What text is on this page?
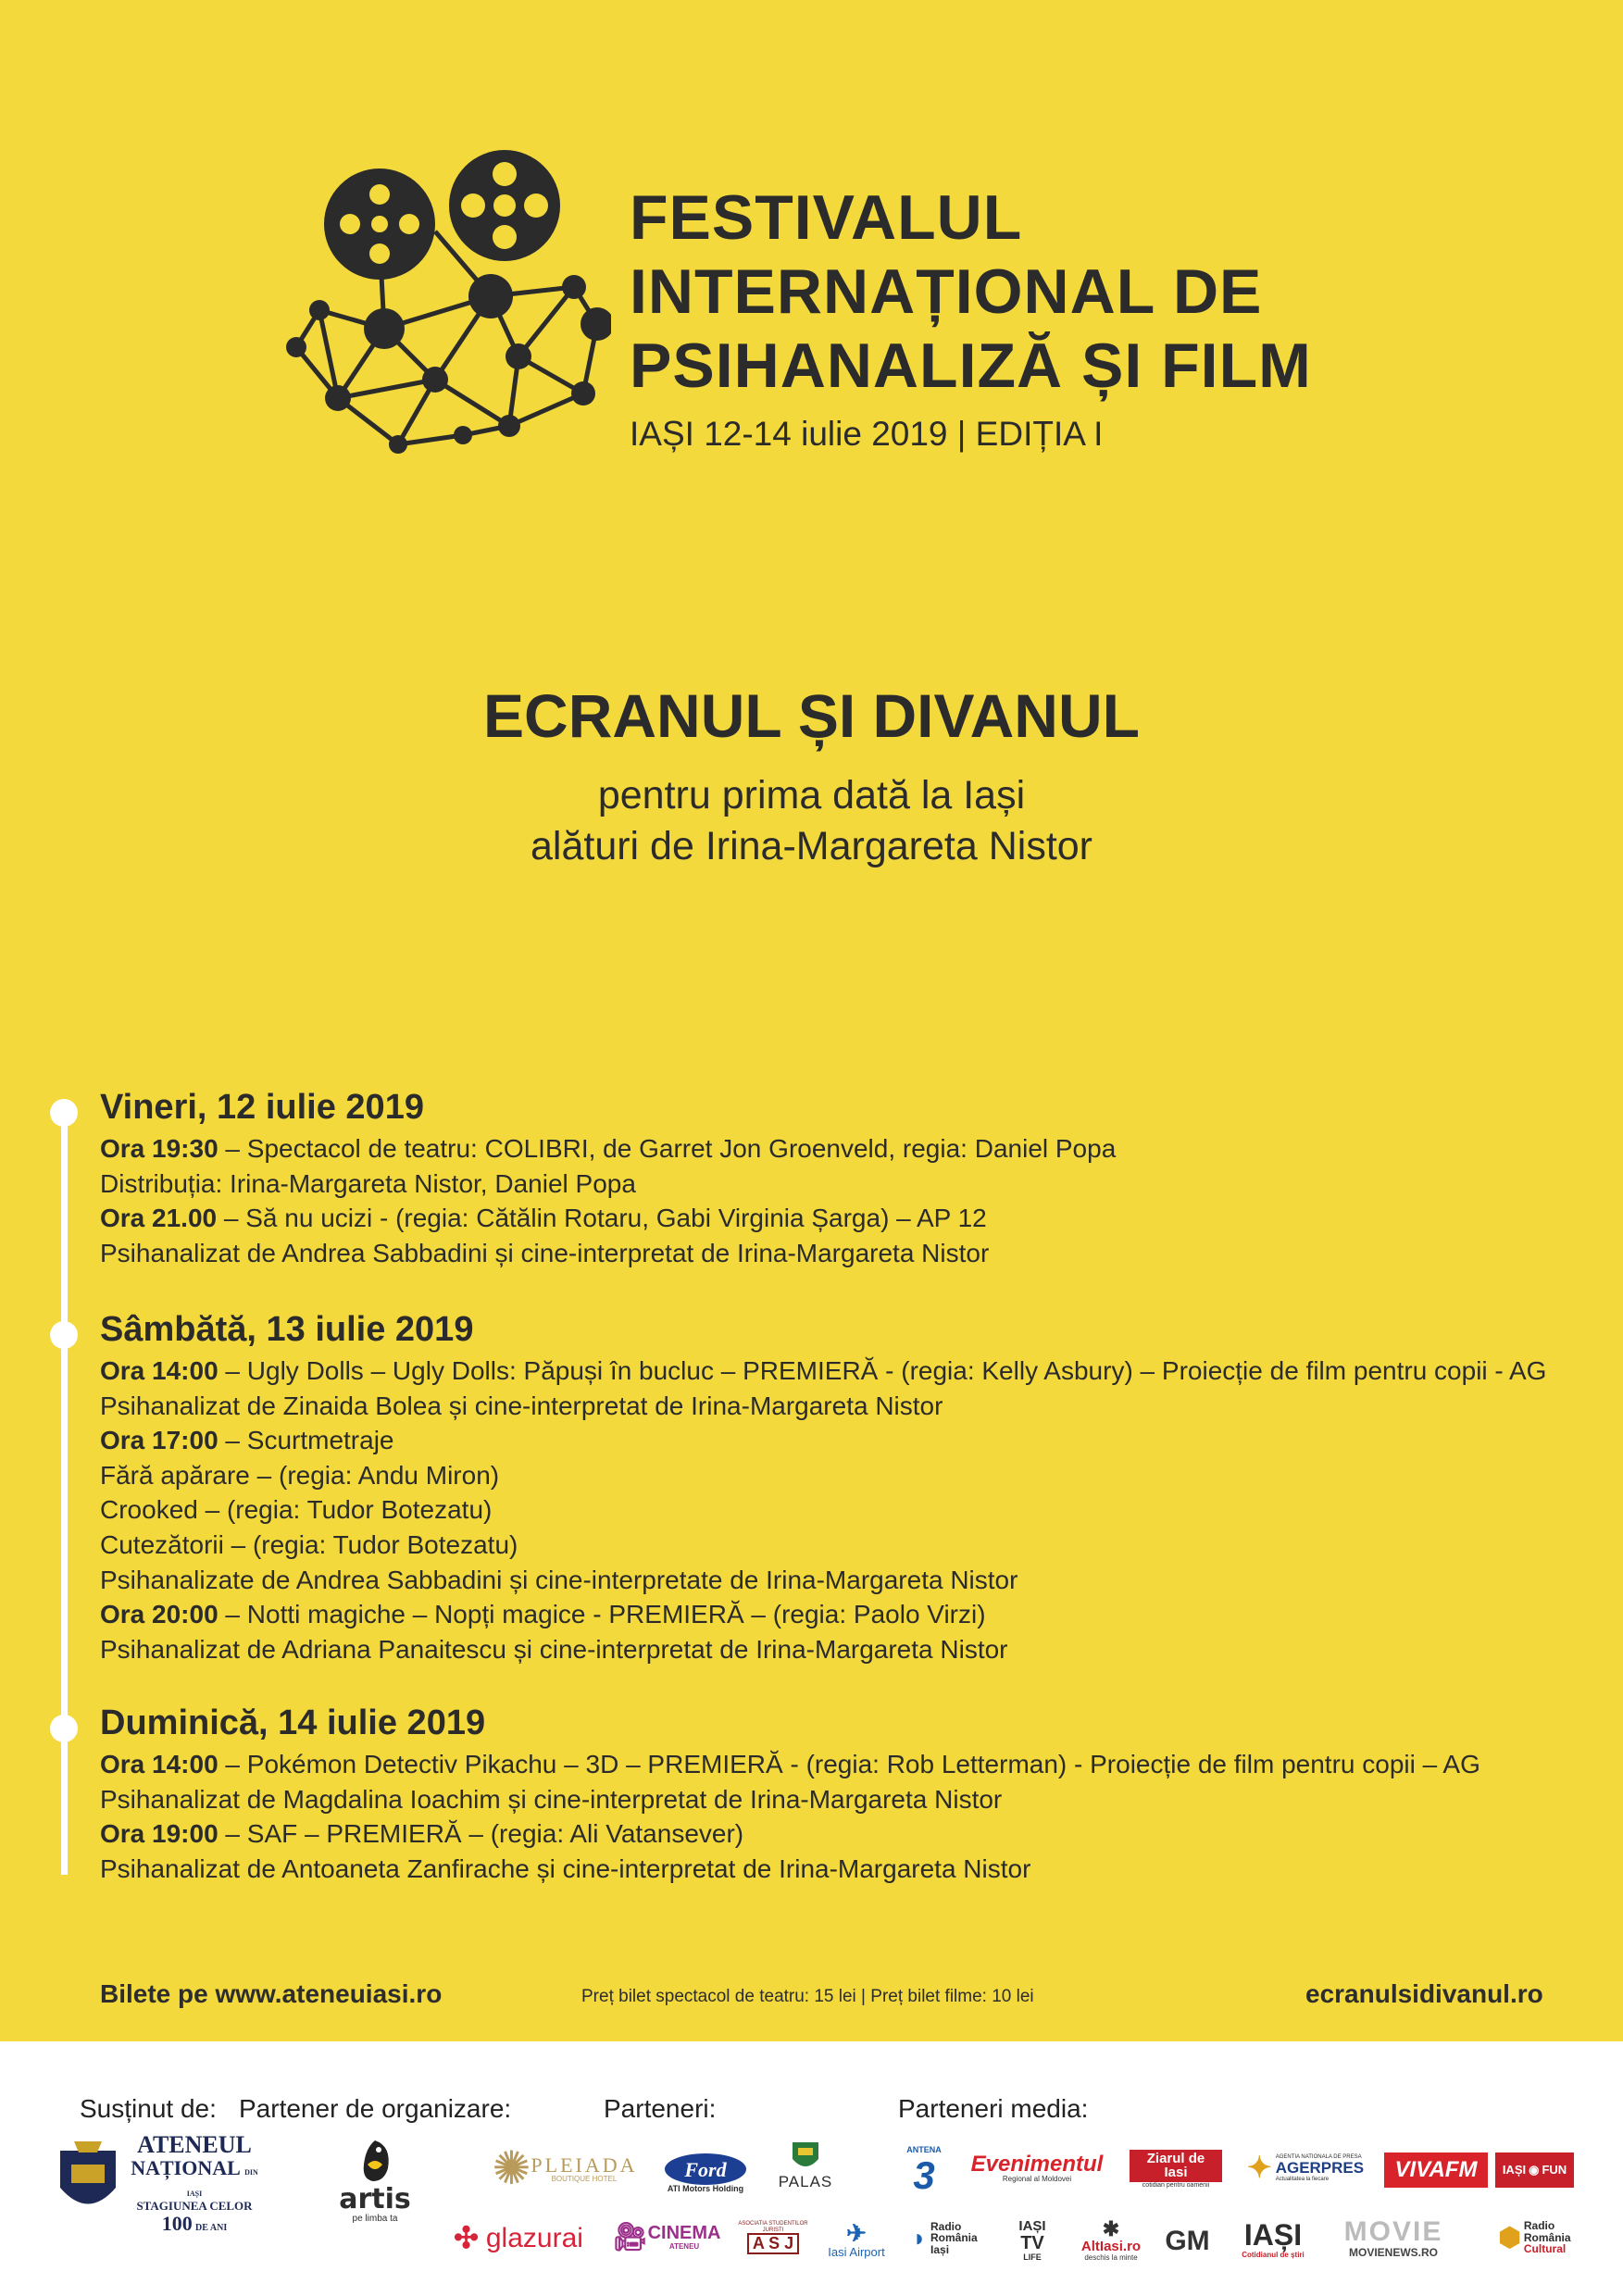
FESTIVALUL
INTERNAȚIONAL DE
PSIHANALIZĂ ȘI FILM
IAȘI 12-14 iulie 2019 | EDIȚIA I
ECRANUL ȘI DIVANUL
pentru prima dată la Iași
alături de Irina-Margareta Nistor
Vineri, 12 iulie 2019
Ora 19:30 – Spectacol de teatru: COLIBRI, de Garret Jon Groenveld, regia: Daniel Popa
Distribuția: Irina-Margareta Nistor, Daniel Popa
Ora 21.00 – Să nu ucizi - (regia: Cătălin Rotaru, Gabi Virginia Șarga) – AP 12
Psihanalizat de Andrea Sabbadini și cine-interpretat de Irina-Margareta Nistor
Sâmbătă, 13 iulie 2019
Ora 14:00 – Ugly Dolls – Ugly Dolls: Păpuși în bucluc – PREMIERĂ - (regia: Kelly Asbury) – Proiecție de film pentru copii - AG
Psihanalizat de Zinaida Bolea și cine-interpretat de Irina-Margareta Nistor
Ora 17:00 – Scurtmetraje
Fără apărare – (regia: Andu Miron)
Crooked – (regia: Tudor Botezatu)
Cutezătorii – (regia: Tudor Botezatu)
Psihanalizate de Andrea Sabbadini și cine-interpretate de Irina-Margareta Nistor
Ora 20:00 – Notti magiche – Nopți magice - PREMIERĂ – (regia: Paolo Virzi)
Psihanalizat de Adriana Panaitescu și cine-interpretat de Irina-Margareta Nistor
Duminică, 14 iulie 2019
Ora 14:00 – Pokémon Detectiv Pikachu – 3D – PREMIERĂ - (regia: Rob Letterman) - Proiecție de film pentru copii – AG
Psihanalizat de Magdalina Ioachim și cine-interpretat de Irina-Margareta Nistor
Ora 19:00 – SAF – PREMIERĂ – (regia: Ali Vatansever)
Psihanalizat de Antoaneta Zanfirache și cine-interpretat de Irina-Margareta Nistor
Bilete pe www.ateneuiasi.ro	Preț bilet spectacol de teatru: 15 lei | Preț bilet filme: 10 lei	ecranulsidivanul.ro
Susținut de: Partener de organizare:	Parteneri:	Parteneri media:
ATENEUL
NAȚIONAL DIN IAȘI
STAGIUNEA CELOR 100 DE ANI
artis
pe limba ta
✺ PLEIADA
BOUTIQUE HOTEL	Ford
ATI Motors Holding PALAS
✣ glazurai 🎥︎ CINEMA
ATENEU
ASOCIATIA STUDENTILOR JURISTI
A S J ✈
Iasi Airport
ANTENA
3 Evenimentul
Regional al Moldovei
Ziarul de Iasi
cotidian pentru oamenii
✦ AGENTIA NATIONALA DE PRESA
AGERPRES
Actualitatea la fiecare	VIVAFM	IAȘI ◉ FUN
◗ Radio
România
Iași
IAȘI
TV
LIFE
✱
AltIasi.ro
deschis la minte
GM	IAȘI
Cotidianul de știri
MOVIE
MOVIENEWS.RO
⬢ Radio
România
Cultural
